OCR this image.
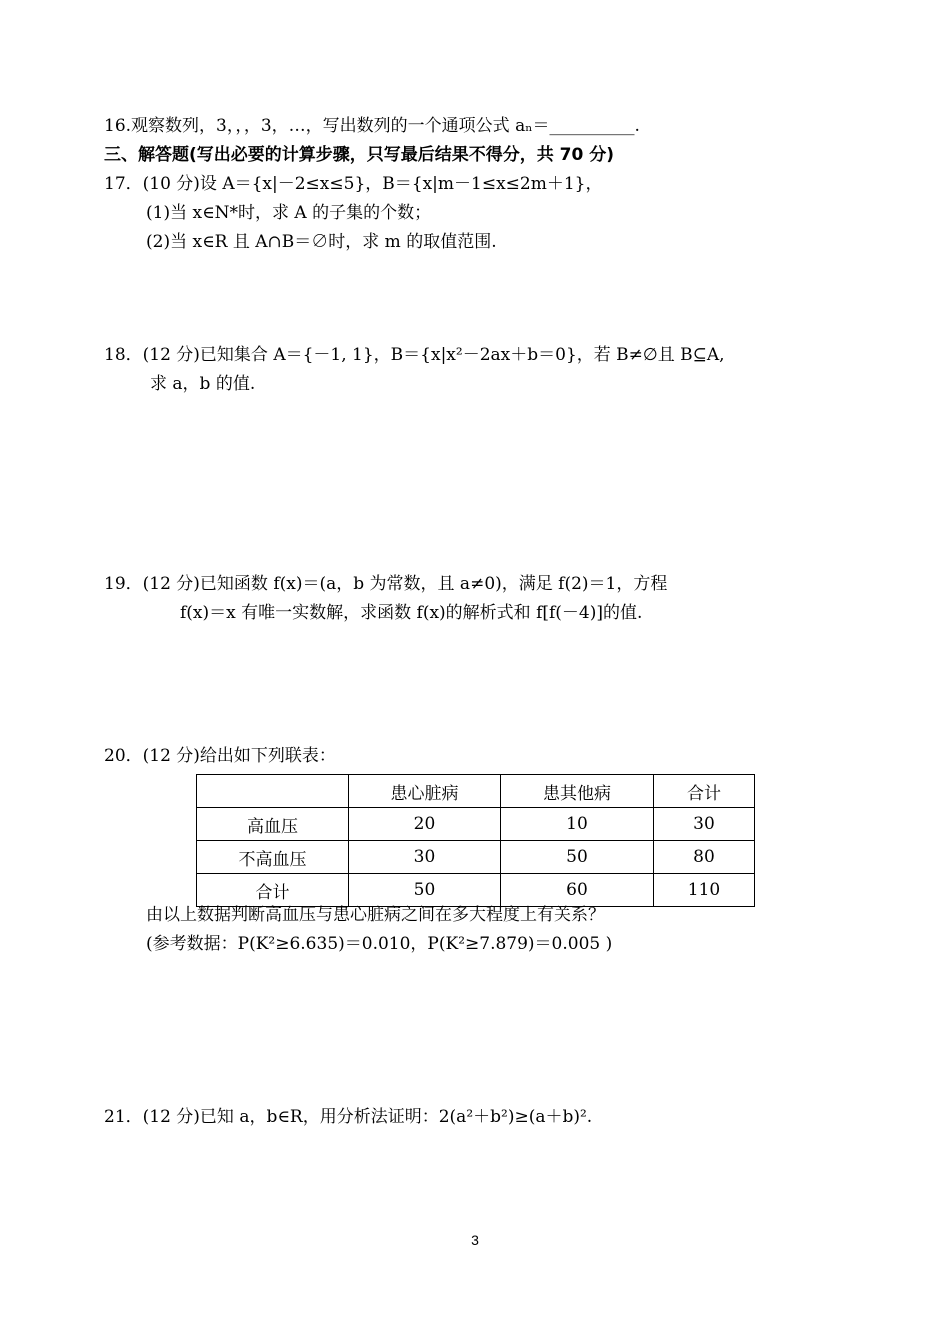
16.观察数列，3，，，3，…，写出数列的一个通项公式 aₙ＝__________.
三、解答题(写出必要的计算步骤，只写最后结果不得分，共 70 分)
17．(10 分)设 A＝{x|－2≤x≤5}，B＝{x|m－1≤x≤2m＋1}，
(1)当 x∈N*时，求 A 的子集的个数；
(2)当 x∈R 且 A∩B＝∅时，求 m 的取值范围.
18．(12 分)已知集合 A＝{－1, 1}，B＝{x|x²－2ax＋b＝0}，若 B≠∅且 B⊆A,
求 a，b 的值.
19．(12 分)已知函数 f(x)＝(a，b 为常数，且 a≠0)，满足 f(2)＝1，方程
f(x)＝x 有唯一实数解，求函数 f(x)的解析式和 f[f(－4)]的值.
20．(12 分)给出如下列联表：
	患心脏病	患其他病	合计
高血压	20	10	30
不高血压	30	50	80
合计	50	60	110
由以上数据判断高血压与患心脏病之间在多大程度上有关系？
(参考数据：P(K²≥6.635)＝0.010，P(K²≥7.879)＝0.005 )
21．(12 分)已知 a，b∈R，用分析法证明：2(a²＋b²)≥(a＋b)².
3
